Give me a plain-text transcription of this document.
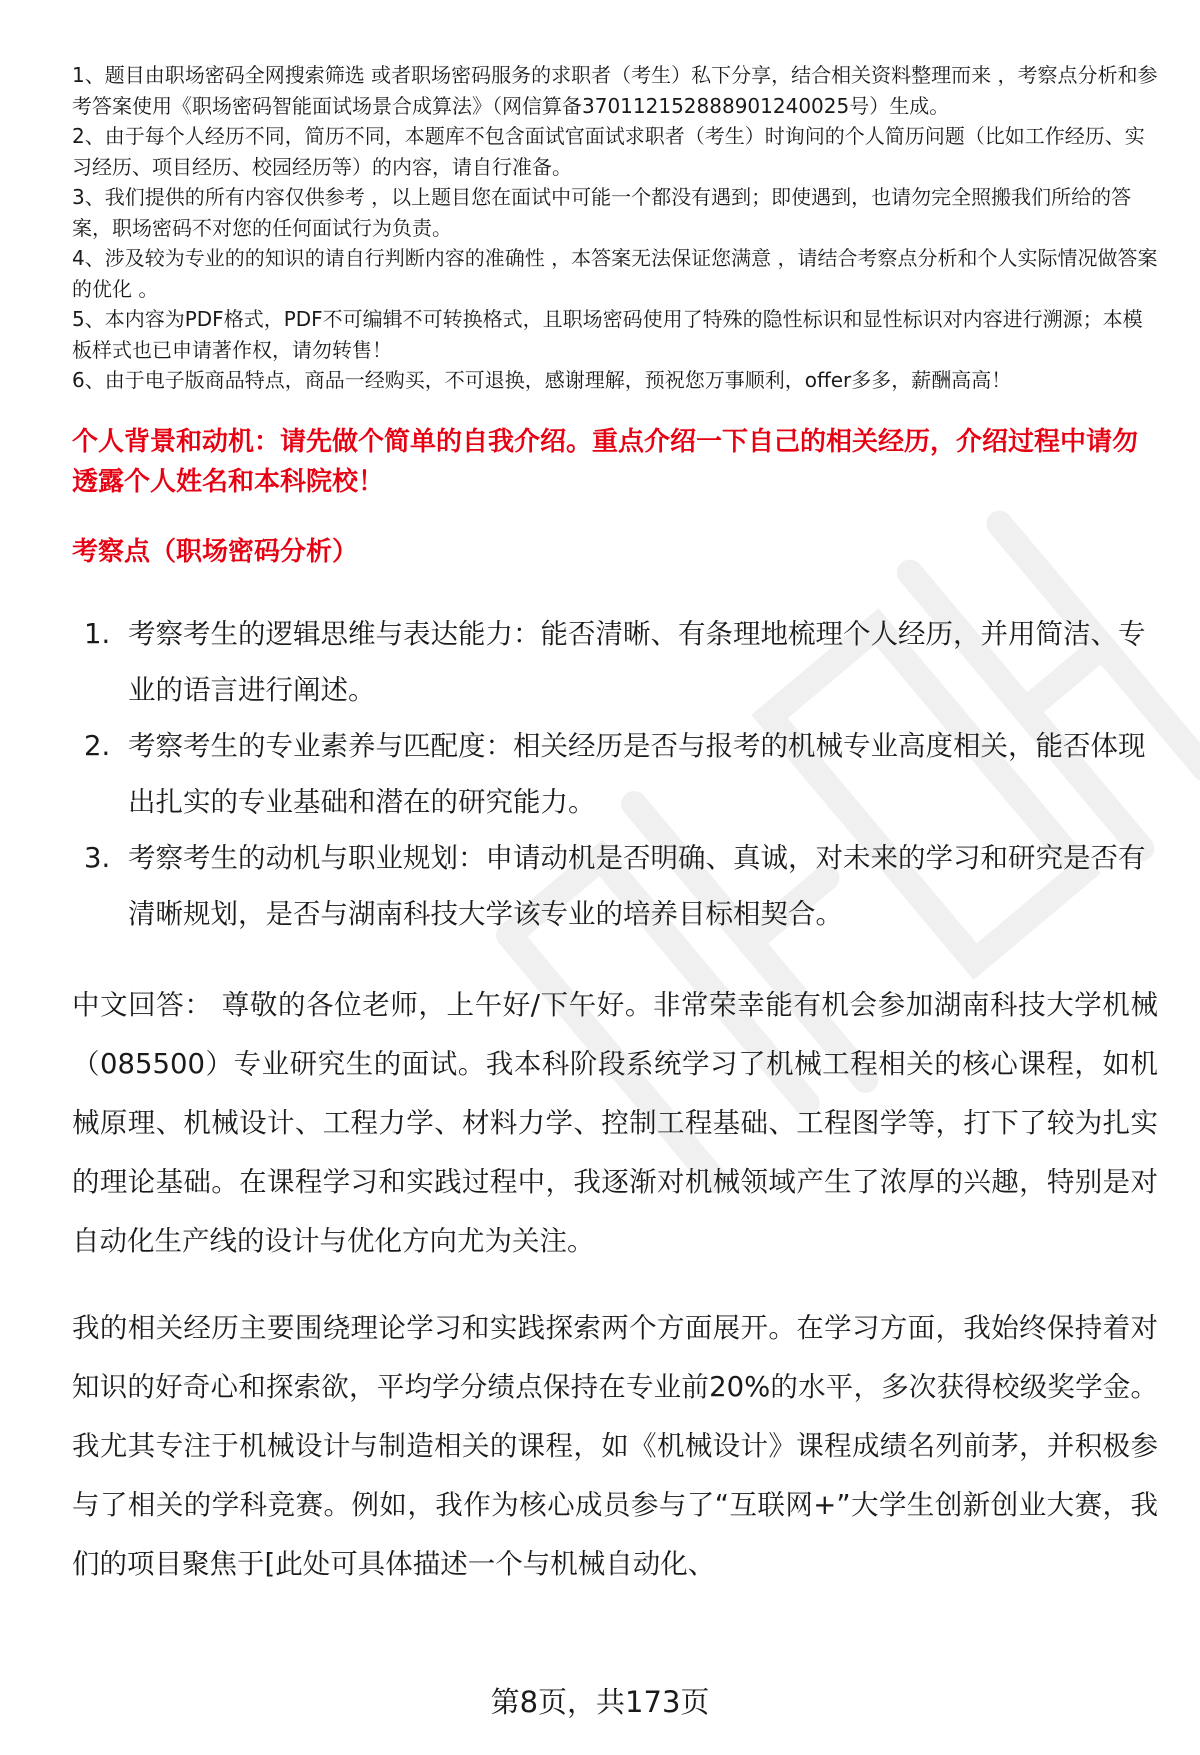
1、题目由职场密码全网搜索筛选 或者职场密码服务的求职者（考生）私下分享，结合相关资料整理而来 ，考察点分析和参考答案使用《职场密码智能面试场景合成算法》（网信算备370112152888901240025号）生成。

2、由于每个人经历不同，简历不同，本题库不包含面试官面试求职者（考生）时询问的个人简历问题（比如工作经历、实习经历、项目经历、校园经历等）的内容，请自行准备。

3、我们提供的所有内容仅供参考 ，以上题目您在面试中可能一个都没有遇到；即使遇到，也请勿完全照搬我们所给的答案，职场密码不对您的任何面试行为负责。

4、涉及较为专业的的知识的请自行判断内容的准确性 ，本答案无法保证您满意 ，请结合考察点分析和个人实际情况做答案的优化 。

5、本内容为PDF格式，PDF不可编辑不可转换格式，且职场密码使用了特殊的隐性标识和显性标识对内容进行溯源；本模板样式也已申请著作权，请勿转售！

6、由于电子版商品特点，商品一经购买，不可退换，感谢理解，预祝您万事顺利，offer多多，薪酬高高！

个人背景和动机：请先做个简单的自我介绍。重点介绍一下自己的相关经历，介绍过程中请勿透露个人姓名和本科院校！
考察点（职场密码分析）
1. 考察考生的逻辑思维与表达能力：能否清晰、有条理地梳理个人经历，并用简洁、专业的语言进行阐述。
2. 考察考生的专业素养与匹配度：相关经历是否与报考的机械专业高度相关，能否体现出扎实的专业基础和潜在的研究能力。
3. 考察考生的动机与职业规划：申请动机是否明确、真诚，对未来的学习和研究是否有清晰规划，是否与湖南科技大学该专业的培养目标相契合。

中文回答： 尊敬的各位老师，上午好/下午好。非常荣幸能有机会参加湖南科技大学机械（085500）专业研究生的面试。我本科阶段系统学习了机械工程相关的核心课程，如机械原理、机械设计、工程力学、材料力学、控制工程基础、工程图学等，打下了较为扎实的理论基础。在课程学习和实践过程中，我逐渐对机械领域产生了浓厚的兴趣，特别是对自动化生产线的设计与优化方向尤为关注。

我的相关经历主要围绕理论学习和实践探索两个方面展开。在学习方面，我始终保持着对知识的好奇心和探索欲，平均学分绩点保持在专业前20%的水平，多次获得校级奖学金。我尤其专注于机械设计与制造相关的课程，如《机械设计》课程成绩名列前茅，并积极参与了相关的学科竞赛。例如，我作为核心成员参与了“互联网+”大学生创新创业大赛，我们的项目聚焦于[此处可具体描述一个与机械自动化、

第8页，共173页
